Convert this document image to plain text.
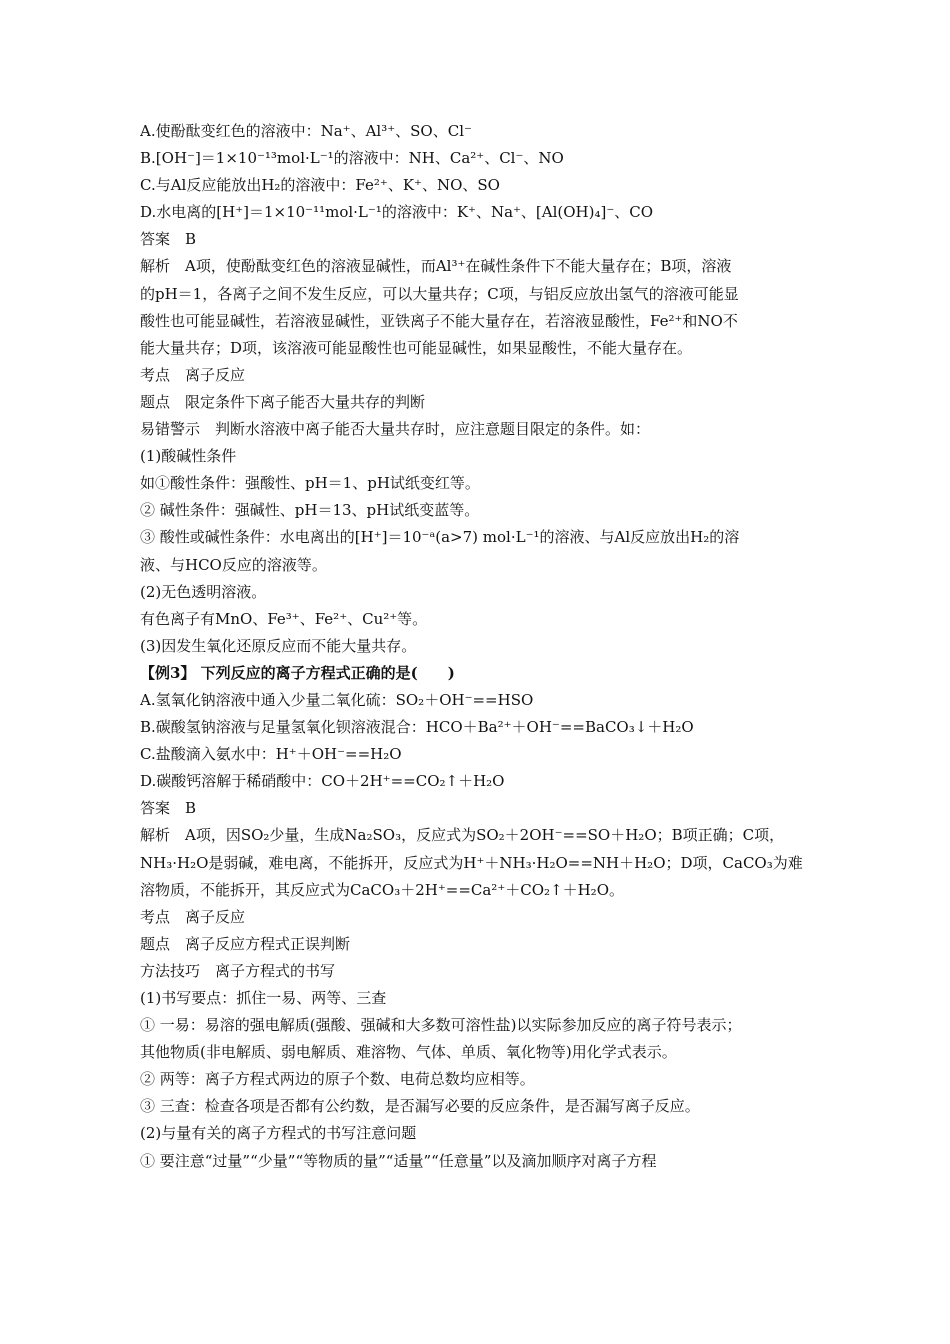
A.使酚酞变红色的溶液中：Na⁺、Al³⁺、SO、Cl⁻
B.[OH⁻]＝1×10⁻¹³mol·L⁻¹的溶液中：NH、Ca²⁺、Cl⁻、NO
C.与Al反应能放出H₂的溶液中：Fe²⁺、K⁺、NO、SO
D.水电离的[H⁺]＝1×10⁻¹¹mol·L⁻¹的溶液中：K⁺、Na⁺、[Al(OH)₄]⁻、CO
答案　B
解析　A项，使酚酞变红色的溶液显碱性，而Al³⁺在碱性条件下不能大量存在；B项，溶液
的pH＝1，各离子之间不发生反应，可以大量共存；C项，与铝反应放出氢气的溶液可能显
酸性也可能显碱性，若溶液显碱性，亚铁离子不能大量存在，若溶液显酸性，Fe²⁺和NO不
能大量共存；D项，该溶液可能显酸性也可能显碱性，如果显酸性，不能大量存在。
考点　离子反应
题点　限定条件下离子能否大量共存的判断
易错警示　判断水溶液中离子能否大量共存时，应注意题目限定的条件。如：
(1)酸碱性条件
如①酸性条件：强酸性、pH＝1、pH试纸变红等。
② 碱性条件：强碱性、pH＝13、pH试纸变蓝等。
③ 酸性或碱性条件：水电离出的[H⁺]＝10⁻ᵃ(a>7) mol·L⁻¹的溶液、与Al反应放出H₂的溶
液、与HCO反应的溶液等。
(2)无色透明溶液。
有色离子有MnO、Fe³⁺、Fe²⁺、Cu²⁺等。
(3)因发生氧化还原反应而不能大量共存。
【例3】 下列反应的离子方程式正确的是(　　)
A.氢氧化钠溶液中通入少量二氧化硫：SO₂＋OH⁻==HSO
B.碳酸氢钠溶液与足量氢氧化钡溶液混合：HCO＋Ba²⁺＋OH⁻==BaCO₃↓＋H₂O
C.盐酸滴入氨水中：H⁺＋OH⁻==H₂O
D.碳酸钙溶解于稀硝酸中：CO＋2H⁺==CO₂↑＋H₂O
答案　B
解析　A项，因SO₂少量，生成Na₂SO₃，反应式为SO₂＋2OH⁻==SO＋H₂O；B项正确；C项，
NH₃·H₂O是弱碱，难电离，不能拆开，反应式为H⁺＋NH₃·H₂O==NH＋H₂O；D项，CaCO₃为难
溶物质，不能拆开，其反应式为CaCO₃＋2H⁺==Ca²⁺＋CO₂↑＋H₂O。
考点　离子反应
题点　离子反应方程式正误判断
方法技巧　离子方程式的书写
(1)书写要点：抓住一易、两等、三查
① 一易：易溶的强电解质(强酸、强碱和大多数可溶性盐)以实际参加反应的离子符号表示；
其他物质(非电解质、弱电解质、难溶物、气体、单质、氧化物等)用化学式表示。
② 两等：离子方程式两边的原子个数、电荷总数均应相等。
③ 三查：检查各项是否都有公约数，是否漏写必要的反应条件，是否漏写离子反应。
(2)与量有关的离子方程式的书写注意问题
① 要注意“过量”“少量”“等物质的量”“适量”“任意量”以及滴加顺序对离子方程
